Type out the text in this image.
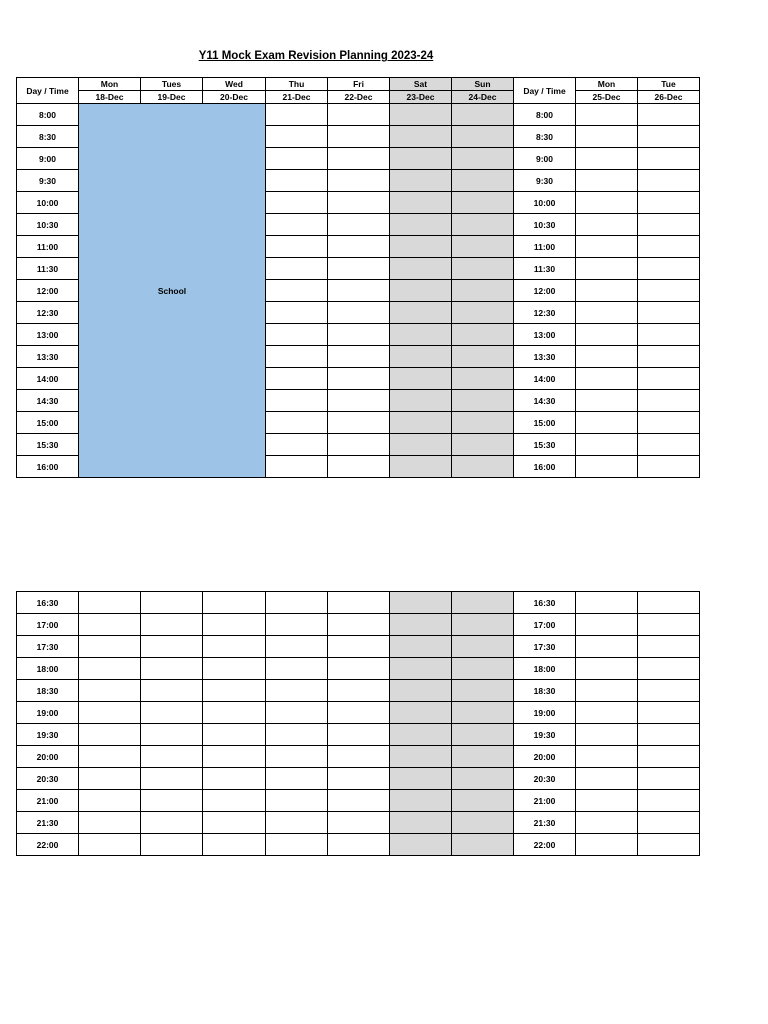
Y11 Mock Exam Revision Planning 2023-24
Day / Time	Mon	Tues	Wed	Thu	Fri	Sat	Sun	Day / Time	Mon	Tue
	18-Dec	19-Dec	20-Dec	21-Dec	22-Dec	23-Dec	24-Dec		25-Dec	26-Dec
8:00	School							8:00		
8:30								8:30		
9:00								9:00		
9:30								9:30		
10:00								10:00		
10:30								10:30		
11:00								11:00		
11:30								11:30		
12:00								12:00		
12:30								12:30		
13:00								13:00		
13:30								13:30		
14:00								14:00		
14:30								14:30		
15:00								15:00		
15:30								15:30		
16:00								16:00		
16:30								16:30		
17:00								17:00		
17:30								17:30		
18:00								18:00		
18:30								18:30		
19:00								19:00		
19:30								19:30		
20:00								20:00		
20:30								20:30		
21:00								21:00		
21:30								21:30		
22:00								22:00		
